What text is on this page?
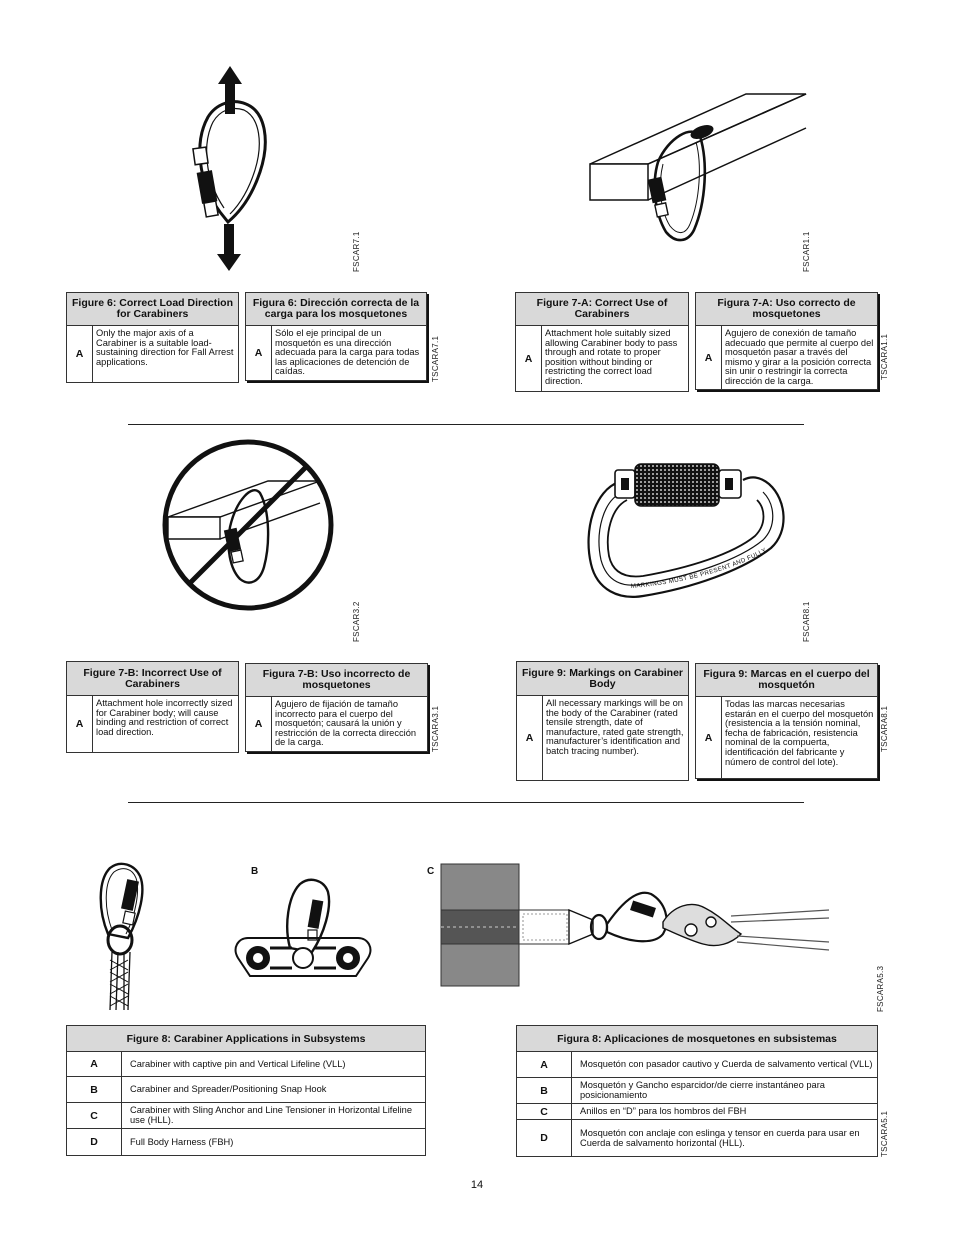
FSCAR7.1
Figure 6: Correct Load Direction for Carabiners
A
Only the major axis of a Carabiner is a suitable load-sustaining direction for Fall Arrest applications.
Figura 6: Dirección correcta de la carga para los mosquetones
A
Sólo el eje principal de un mosquetón es una dirección adecuada para la carga para todas las aplicaciones de detención de caídas.	TSCARA7.1
FSCAR1.1
Figure 7-A: Correct Use of Carabiners
A
Attachment hole suitably sized allowing Carabiner body to pass through and rotate to proper position without binding or restricting the correct load direction.
Figura 7-A: Uso correcto de mosquetones
A
Agujero de conexión de tamaño adecuado que permite al cuerpo del mosquetón pasar a través del mismo y girar a la posición correcta sin unir o restringir la correcta dirección de la carga.
TSCARA1.1
FSCAR3.2
Figure 7-B: Incorrect Use of Carabiners
A
Attachment hole incorrectly sized for Carabiner body; will cause binding and restriction of correct load direction.
Figura 7-B: Uso incorrecto de mosquetones
A
Agujero de fijación de tamaño incorrecto para el cuerpo del mosquetón; causará la unión y restricción de la correcta dirección de la carga.	TSCARA3.1
MARKINGS MUST BE PRESENT AND FULLY LEGIBLE
FSCAR8.1
Figure 9: Markings on Carabiner Body
A
All necessary markings will be on the body of the Carabiner (rated tensile strength, date of manufacture, rated gate strength, manufacturer’s identification and batch tracing number).
Figura 9: Marcas en el cuerpo del mosquetón
A
Todas las marcas necesarias estarán en el cuerpo del mosquetón (resistencia a la tensión nominal, fecha de fabricación, resistencia nominal de la compuerta, identificación del fabricante y número de control del lote).
TSCARA8.1
B	C
FSCARA5.3
Figure 8: Carabiner Applications in Subsystems
A	Carabiner with captive pin and Vertical Lifeline (VLL)
B	Carabiner and Spreader/Positioning Snap Hook
C	Carabiner with Sling Anchor and Line Tensioner in Horizontal Lifeline use (HLL).
D	Full Body Harness (FBH)
Figura 8: Aplicaciones de mosquetones en subsistemas
A	Mosquetón con pasador cautivo y Cuerda de salvamento vertical (VLL)
B	Mosquetón y Gancho esparcidor/de cierre instantáneo para posicionamiento
C	Anillos en “D” para los hombros del FBH
D	Mosquetón con anclaje con eslinga y tensor en cuerda para usar en Cuerda de salvamento horizontal (HLL).	TSCARA5.1
14
